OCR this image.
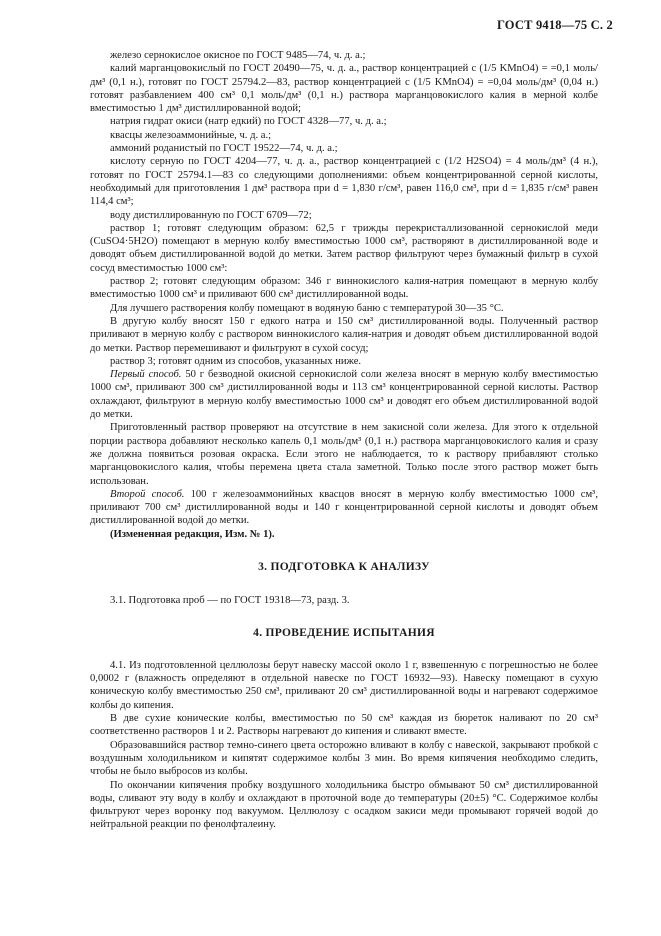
ГОСТ 9418—75 С. 2

железо сернокислое окисное по ГОСТ 9485—74, ч. д. а.;

калий марганцовокислый по ГОСТ 20490—75, ч. д. а., раствор концентрацией c (1/5 KMnO4) = =0,1 моль/дм³ (0,1 н.), готовят по ГОСТ 25794.2—83, раствор концентрацией c (1/5 KMnO4) = =0,04 моль/дм³ (0,04 н.) готовят разбавлением 400 см³ 0,1 моль/дм³ (0,1 н.) раствора марганцовокислого калия в мерной колбе вместимостью 1 дм³ дистиллированной водой;

натрия гидрат окиси (натр едкий) по ГОСТ 4328—77, ч. д. а.;

квасцы железоаммонийные, ч. д. а.;

аммоний роданистый по ГОСТ 19522—74, ч. д. а.;

кислоту серную по ГОСТ 4204—77, ч. д. а., раствор концентрацией c (1/2 H2SO4) = 4 моль/дм³ (4 н.), готовят по ГОСТ 25794.1—83 со следующими дополнениями: объем концентрированной серной кислоты, необходимый для приготовления 1 дм³ раствора при d = 1,830 г/см³, равен 116,0 см³, при d = 1,835 г/см³ равен 114,4 см³;

воду дистиллированную по ГОСТ 6709—72;

раствор 1; готовят следующим образом: 62,5 г трижды перекристаллизованной сернокислой меди (CuSO4·5H2O) помещают в мерную колбу вместимостью 1000 см³, растворяют в дистиллированной воде и доводят объем дистиллированной водой до метки. Затем раствор фильтруют через бумажный фильтр в сухой сосуд вместимостью 1000 см³:

раствор 2; готовят следующим образом: 346 г виннокислого калия-натрия помещают в мерную колбу вместимостью 1000 см³ и приливают 600 см³ дистиллированной воды.

Для лучшего растворения колбу помещают в водяную баню с температурой 30—35 °С.

В другую колбу вносят 150 г едкого натра и 150 см³ дистиллированной воды. Полученный раствор приливают в мерную колбу с раствором виннокислого калия-натрия и доводят объем дистиллированной водой до метки. Раствор перемешивают и фильтруют в сухой сосуд;

раствор 3; готовят одним из способов, указанных ниже.

Первый способ. 50 г безводной окисной сернокислой соли железа вносят в мерную колбу вместимостью 1000 см³, приливают 300 см³ дистиллированной воды и 113 см³ концентрированной серной кислоты. Раствор охлаждают, фильтруют в мерную колбу вместимостью 1000 см³ и доводят его объем дистиллированной водой до метки.

Приготовленный раствор проверяют на отсутствие в нем закисной соли железа. Для этого к отдельной порции раствора добавляют несколько капель 0,1 моль/дм³ (0,1 н.) раствора марганцовокислого калия и сразу же должна появиться розовая окраска. Если этого не наблюдается, то к раствору прибавляют столько марганцовокислого калия, чтобы перемена цвета стала заметной. Только после этого раствор может быть использован.

Второй способ. 100 г железоаммонийных квасцов вносят в мерную колбу вместимостью 1000 см³, приливают 700 см³ дистиллированной воды и 140 г концентрированной серной кислоты и доводят объем дистиллированной водой до метки.

(Измененная редакция, Изм. № 1).

3. ПОДГОТОВКА К АНАЛИЗУ

3.1. Подготовка проб — по ГОСТ 19318—73, разд. 3.

4. ПРОВЕДЕНИЕ ИСПЫТАНИЯ

4.1. Из подготовленной целлюлозы берут навеску массой около 1 г, взвешенную с погрешностью не более 0,0002 г (влажность определяют в отдельной навеске по ГОСТ 16932—93). Навеску помещают в сухую коническую колбу вместимостью 250 см³, приливают 20 см³ дистиллированной воды и нагревают содержимое колбы до кипения.

В две сухие конические колбы, вместимостью по 50 см³ каждая из бюреток наливают по 20 см³ соответственно растворов 1 и 2. Растворы нагревают до кипения и сливают вместе.

Образовавшийся раствор темно-синего цвета осторожно вливают в колбу с навеской, закрывают пробкой с воздушным холодильником и кипятят содержимое колбы 3 мин. Во время кипячения необходимо следить, чтобы не было выбросов из колбы.

По окончании кипячения пробку воздушного холодильника быстро обмывают 50 см³ дистиллированной воды, сливают эту воду в колбу и охлаждают в проточной воде до температуры (20±5) °С. Содержимое колбы фильтруют через воронку под вакуумом. Целлюлозу с осадком закиси меди промывают горячей водой до нейтральной реакции по фенолфталеину.
